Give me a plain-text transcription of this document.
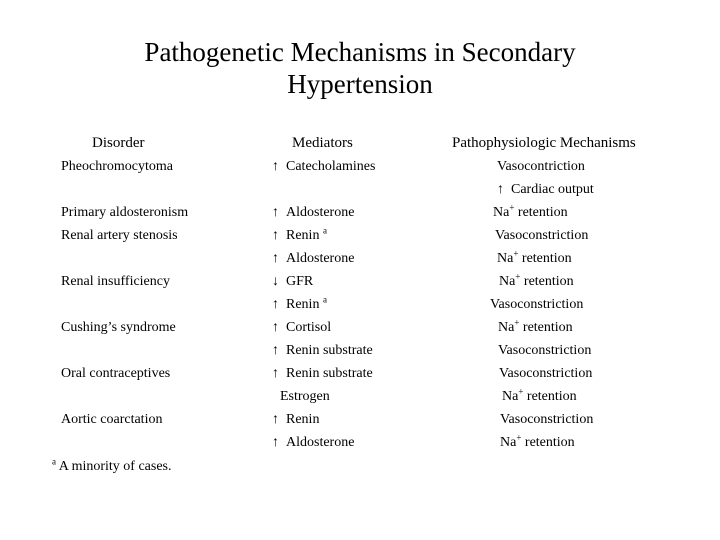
Pathogenetic Mechanisms in Secondary
Hypertension
Disorder	Mediators	Pathophysiologic Mechanisms
Pheochromocytoma
Primary aldosteronism
Renal artery stenosis
Renal insufficiency
Cushing’s syndrome
Oral contraceptives
Aortic coarctation
↑ Catecholamines
↑ Aldosterone
↑ Renin $^a$
↑ Aldosterone
↓ GFR
↑ Renin $^a$
↑ Cortisol
↑ Renin substrate
↑ Renin substrate
Estrogen
↑ Renin
↑ Aldosterone
Vasocontriction
↑ Cardiac output
Na+ retention
Vasoconstriction
Na+ retention
Na+ retention
Vasoconstriction
Na+ retention
Vasoconstriction
Vasoconstriction
Na+ retention
Vasoconstriction
Na+ retention
$^a$ A minority of cases.
